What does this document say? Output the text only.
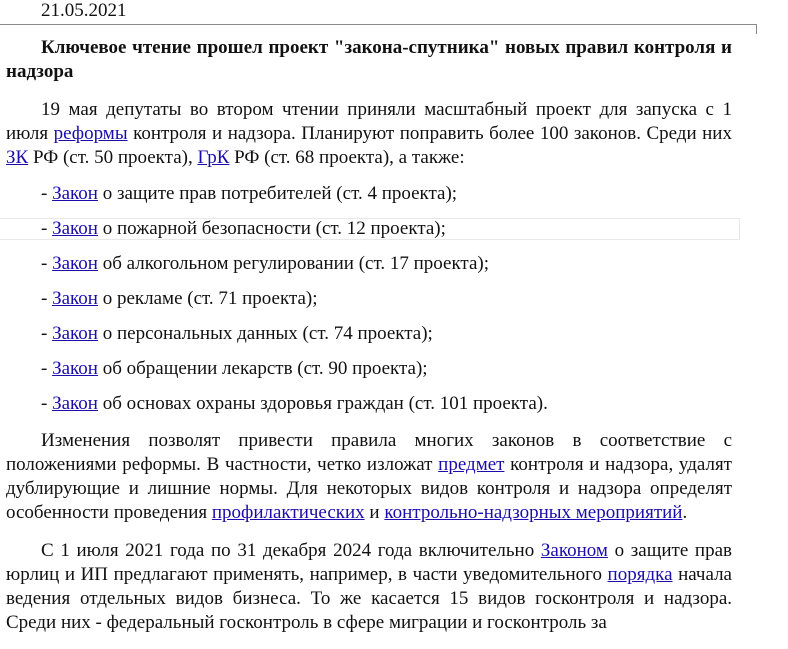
21.05.2021

Ключевое чтение прошел проект "закона-спутника" новых правил контроля и надзора

19 мая депутаты во втором чтении приняли масштабный проект для запуска с 1 июля реформы контроля и надзора. Планируют поправить более 100 законов. Среди них ЗК РФ (ст. 50 проекта), ГрК РФ (ст. 68 проекта), а также:

- Закон о защите прав потребителей (ст. 4 проекта);
- Закон о пожарной безопасности (ст. 12 проекта);
- Закон об алкогольном регулировании (ст. 17 проекта);
- Закон о рекламе (ст. 71 проекта);
- Закон о персональных данных (ст. 74 проекта);
- Закон об обращении лекарств (ст. 90 проекта);
- Закон об основах охраны здоровья граждан (ст. 101 проекта).

Изменения позволят привести правила многих законов в соответствие с положениями реформы. В частности, четко изложат предмет контроля и надзора, удалят дублирующие и лишние нормы. Для некоторых видов контроля и надзора определят особенности проведения профилактических и контрольно-надзорных мероприятий.

С 1 июля 2021 года по 31 декабря 2024 года включительно Законом о защите прав юрлиц и ИП предлагают применять, например, в части уведомительного порядка начала ведения отдельных видов бизнеса. То же касается 15 видов госконтроля и надзора. Среди них - федеральный госконтроль в сфере миграции и госконтроль за
